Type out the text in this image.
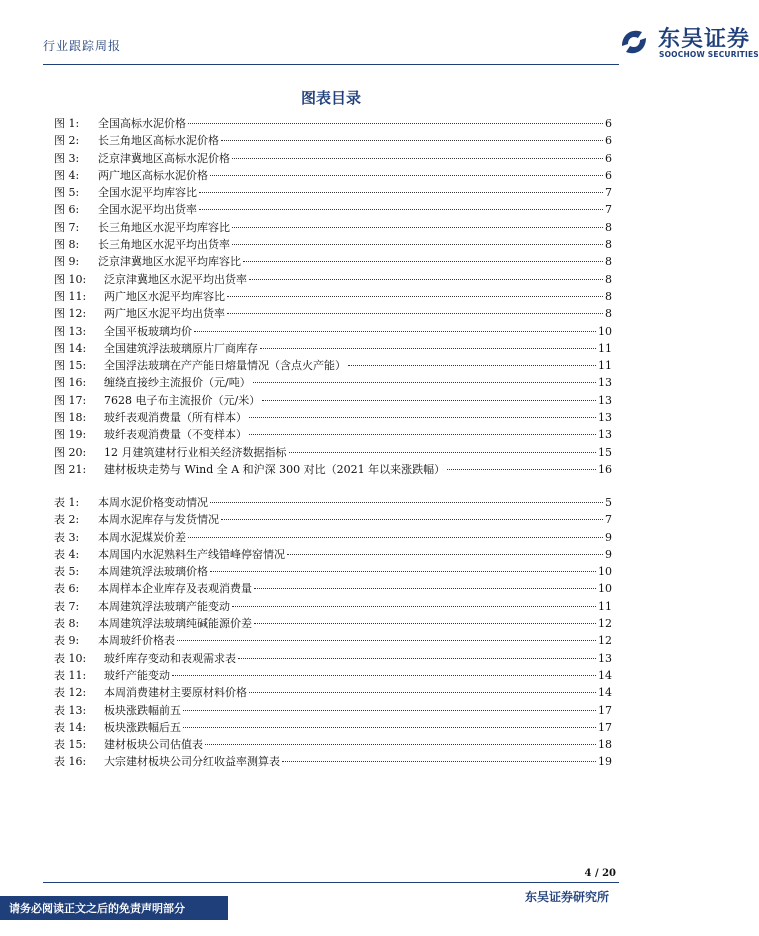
行业跟踪周报	东吴证券
SOOCHOW SECURITIES
图表目录
图 1:	全国高标水泥价格	6
图 2:	长三角地区高标水泥价格	6
图 3:	泛京津冀地区高标水泥价格	6
图 4:	两广地区高标水泥价格	6
图 5:	全国水泥平均库容比	7
图 6:	全国水泥平均出货率	7
图 7:	长三角地区水泥平均库容比	8
图 8:	长三角地区水泥平均出货率	8
图 9:	泛京津冀地区水泥平均库容比	8
图 10:	泛京津冀地区水泥平均出货率	8
图 11:	两广地区水泥平均库容比	8
图 12:	两广地区水泥平均出货率	8
图 13:	全国平板玻璃均价	10
图 14:	全国建筑浮法玻璃原片厂商库存	11
图 15:	全国浮法玻璃在产产能日熔量情况（含点火产能）	11
图 16:	缠绕直接纱主流报价（元/吨）	13
图 17:	7628 电子布主流报价（元/米）	13
图 18:	玻纤表观消费量（所有样本）	13
图 19:	玻纤表观消费量（不变样本）	13
图 20:	12 月建筑建材行业相关经济数据指标	15
图 21:	建材板块走势与 Wind 全 A 和沪深 300 对比（2021 年以来涨跌幅）	16
表 1:	本周水泥价格变动情况	5
表 2:	本周水泥库存与发货情况	7
表 3:	本周水泥煤炭价差	9
表 4:	本周国内水泥熟料生产线错峰停窑情况	9
表 5:	本周建筑浮法玻璃价格	10
表 6:	本周样本企业库存及表观消费量	10
表 7:	本周建筑浮法玻璃产能变动	11
表 8:	本周建筑浮法玻璃纯碱能源价差	12
表 9:	本周玻纤价格表	12
表 10:	玻纤库存变动和表观需求表	13
表 11:	玻纤产能变动	14
表 12:	本周消费建材主要原材料价格	14
表 13:	板块涨跌幅前五	17
表 14:	板块涨跌幅后五	17
表 15:	建材板块公司估值表	18
表 16:	大宗建材板块公司分红收益率测算表	19
4 / 20
东吴证券研究所
请务必阅读正文之后的免责声明部分
